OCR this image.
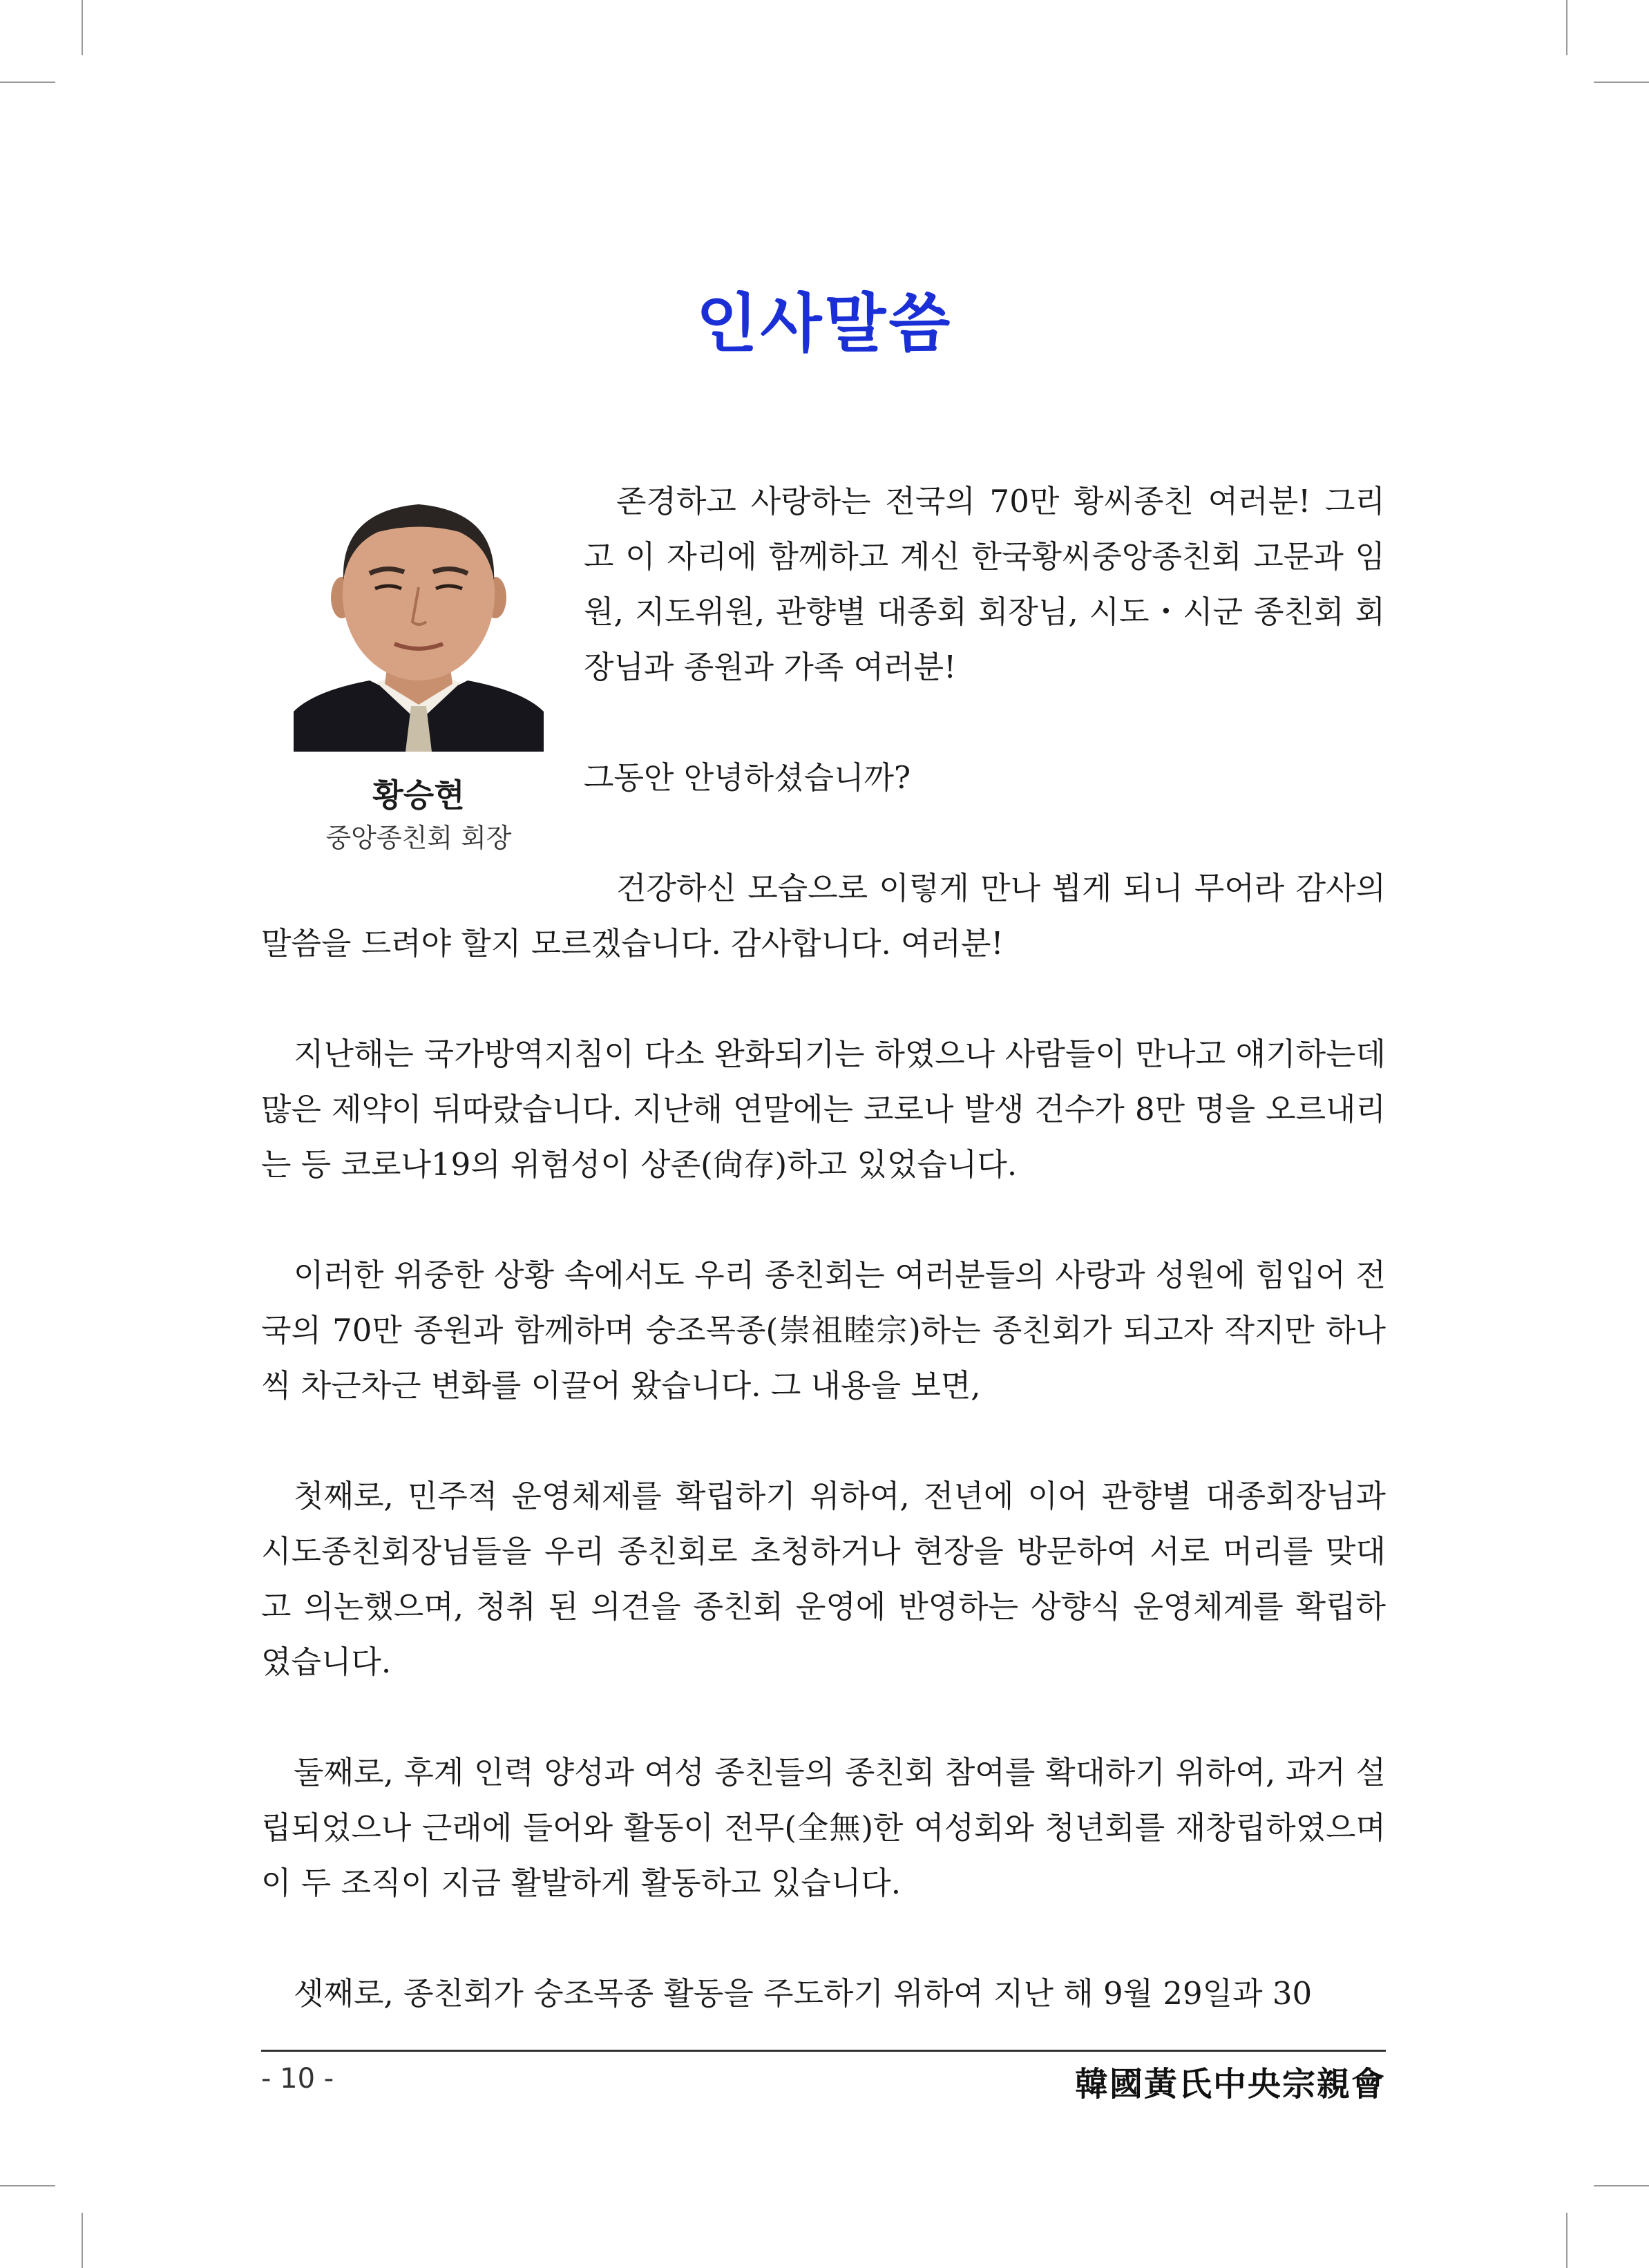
인사말씀
황승현
중앙종친회 회장

존경하고 사랑하는 전국의 70만 황씨종친 여러분! 그리고 이 자리에 함께하고 계신 한국황씨중앙종친회 고문과 임원, 지도위원, 관향별 대종회 회장님, 시도・시군 종친회 회장님과 종원과 가족 여러분!

그동안 안녕하셨습니까?

건강하신 모습으로 이렇게 만나 뵙게 되니 무어라 감사의 말씀을 드려야 할지 모르겠습니다. 감사합니다. 여러분!

지난해는 국가방역지침이 다소 완화되기는 하였으나 사람들이 만나고 얘기하는데 많은 제약이 뒤따랐습니다. 지난해 연말에는 코로나 발생 건수가 8만 명을 오르내리는 등 코로나19의 위험성이 상존(尙存)하고 있었습니다.

이러한 위중한 상황 속에서도 우리 종친회는 여러분들의 사랑과 성원에 힘입어 전국의 70만 종원과 함께하며 숭조목종(崇祖睦宗)하는 종친회가 되고자 작지만 하나씩 차근차근 변화를 이끌어 왔습니다. 그 내용을 보면,

첫째로, 민주적 운영체제를 확립하기 위하여, 전년에 이어 관향별 대종회장님과 시도종친회장님들을 우리 종친회로 초청하거나 현장을 방문하여 서로 머리를 맞대고 의논했으며, 청취 된 의견을 종친회 운영에 반영하는 상향식 운영체계를 확립하였습니다.

둘째로, 후계 인력 양성과 여성 종친들의 종친회 참여를 확대하기 위하여, 과거 설립되었으나 근래에 들어와 활동이 전무(全無)한 여성회와 청년회를 재창립하였으며 이 두 조직이 지금 활발하게 활동하고 있습니다.

셋째로, 종친회가 숭조목종 활동을 주도하기 위하여 지난 해 9월 29일과 30

- 10 -	韓國黃氏中央宗親會
